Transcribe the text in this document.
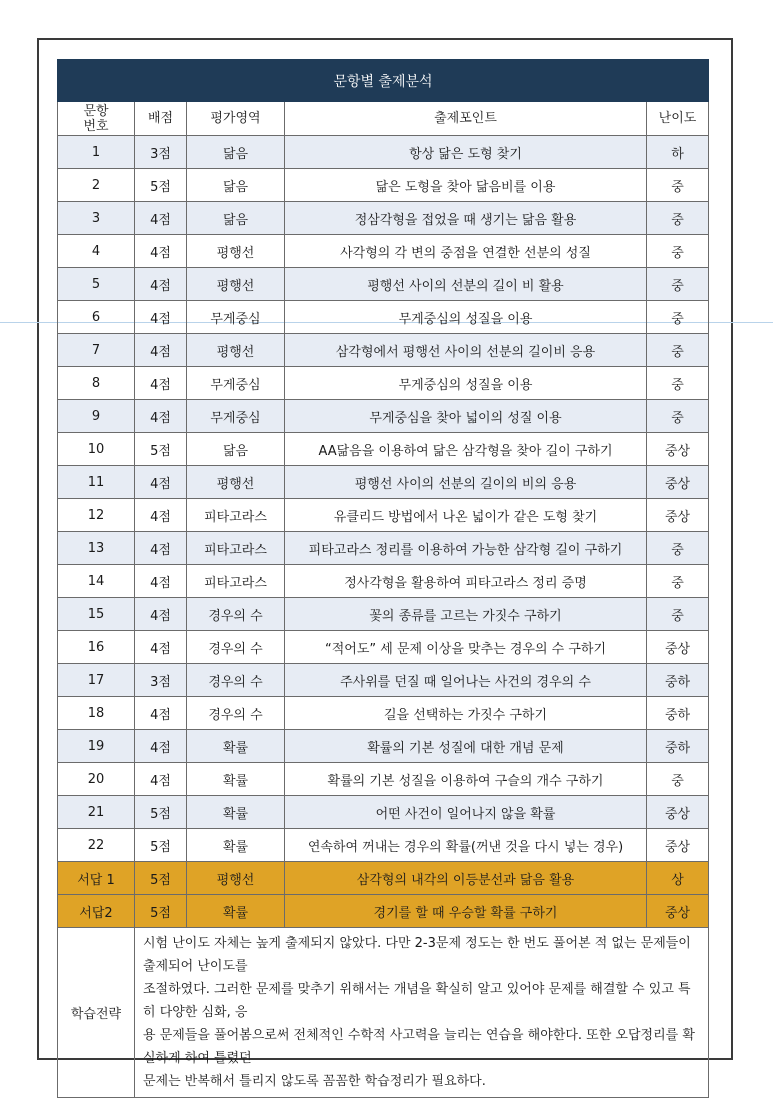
문항별 출제분석				
문항
번호	배점	평가영역	출제포인트	난이도
1	3점	닮음	항상 닮은 도형 찾기	하
2	5점	닮음	닮은 도형을 찾아 닮음비를 이용	중
3	4점	닮음	정삼각형을 접었을 때 생기는 닮음 활용	중
4	4점	평행선	사각형의 각 변의 중점을 연결한 선분의 성질	중
5	4점	평행선	평행선 사이의 선분의 길이 비 활용	중
6	4점	무게중심	무게중심의 성질을 이용	중
7	4점	평행선	삼각형에서 평행선 사이의 선분의 길이비 응용	중
8	4점	무게중심	무게중심의 성질을 이용	중
9	4점	무게중심	무게중심을 찾아 넓이의 성질 이용	중
10	5점	닮음	AA닮음을 이용하여 닮은 삼각형을 찾아 길이 구하기	중상
11	4점	평행선	평행선 사이의 선분의 길이의 비의 응용	중상
12	4점	피타고라스	유클리드 방법에서 나온 넓이가 같은 도형 찾기	중상
13	4점	피타고라스	피타고라스 정리를 이용하여 가능한 삼각형 길이 구하기	중
14	4점	피타고라스	정사각형을 활용하여 피타고라스 정리 증명	중
15	4점	경우의 수	꽃의 종류를 고르는 가짓수 구하기	중
16	4점	경우의 수	“적어도” 세 문제 이상을 맞추는 경우의 수 구하기	중상
17	3점	경우의 수	주사위를 던질 때 일어나는 사건의 경우의 수	중하
18	4점	경우의 수	길을 선택하는 가짓수 구하기	중하
19	4점	확률	확률의 기본 성질에 대한 개념 문제	중하
20	4점	확률	확률의 기본 성질을 이용하여 구슬의 개수 구하기	중
21	5점	확률	어떤 사건이 일어나지 않을 확률	중상
22	5점	확률	연속하여 꺼내는 경우의 확률(꺼낸 것을 다시 넣는 경우)	중상
서답 1	5점	평행선	삼각형의 내각의 이등분선과 닮음 활용	상
서답2	5점	확률	경기를 할 때 우승할 확률 구하기	중상
학습전략	시험 난이도 자체는 높게 출제되지 않았다. 다만 2-3문제 정도는 한 번도 풀어본 적 없는 문제들이 출제되어 난이도를
조절하였다. 그러한 문제를 맞추기 위해서는 개념을 확실히 알고 있어야 문제를 해결할 수 있고 특히 다양한 심화, 응
용 문제들을 풀어봄으로써 전체적인 수학적 사고력을 늘리는 연습을 해야한다. 또한 오답정리를 확실하게 하여 틀렸던
문제는 반복해서 틀리지 않도록 꼼꼼한 학습정리가 필요하다.			
